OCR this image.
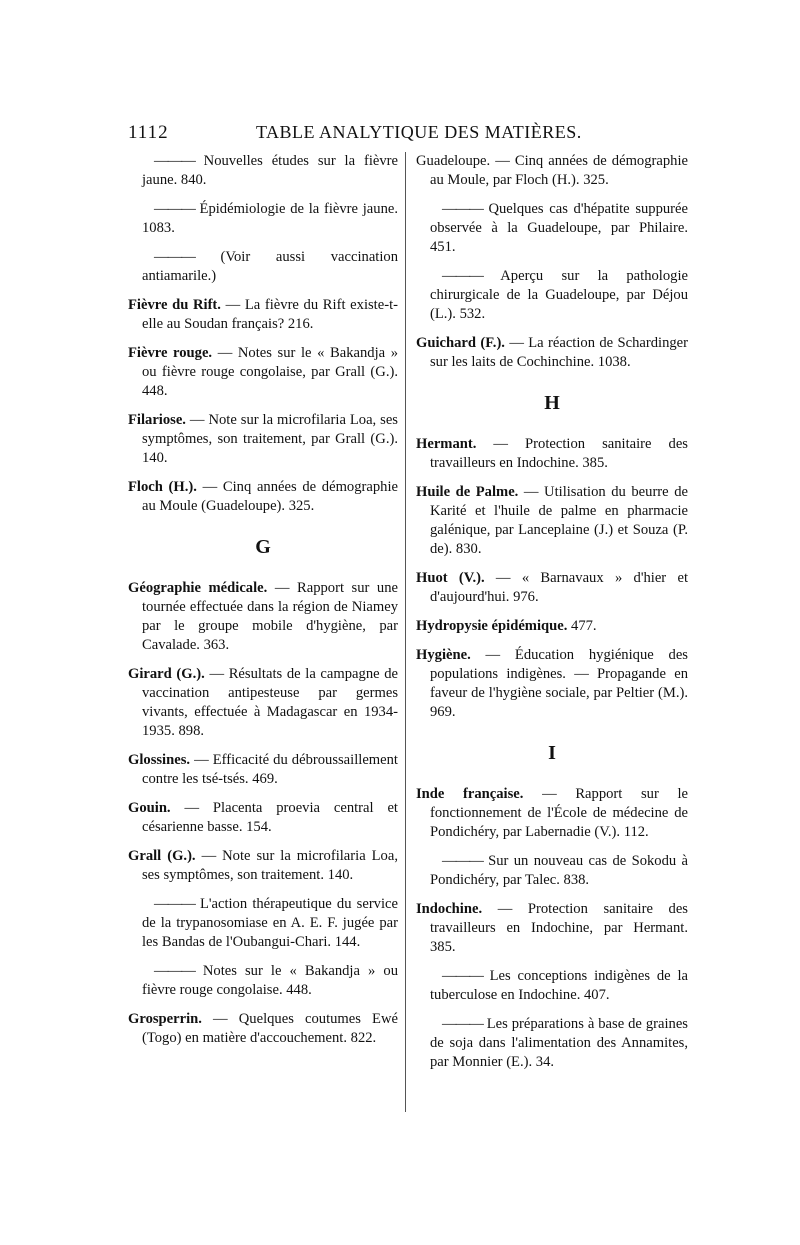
1112	TABLE ANALYTIQUE DES MATIÈRES.
——— Nouvelles études sur la fièvre jaune. 840.
——— Épidémiologie de la fièvre jaune. 1083.
——— (Voir aussi vaccination antiamarile.)
Fièvre du Rift. — La fièvre du Rift existe-t-elle au Soudan français? 216.
Fièvre rouge. — Notes sur le « Bakandja » ou fièvre rouge congolaise, par Grall (G.). 448.
Filariose. — Note sur la microfilaria Loa, ses symptômes, son traitement, par Grall (G.). 140.
Floch (H.). — Cinq années de démographie au Moule (Guadeloupe). 325.
G
Géographie médicale. — Rapport sur une tournée effectuée dans la région de Niamey par le groupe mobile d'hygiène, par Cavalade. 363.
Girard (G.). — Résultats de la campagne de vaccination antipesteuse par germes vivants, effectuée à Madagascar en 1934-1935. 898.
Glossines. — Efficacité du débroussaillement contre les tsé-tsés. 469.
Gouin. — Placenta proevia central et césarienne basse. 154.
Grall (G.). — Note sur la microfilaria Loa, ses symptômes, son traitement. 140.
——— L'action thérapeutique du service de la trypanosomiase en A. E. F. jugée par les Bandas de l'Oubangui-Chari. 144.
——— Notes sur le « Bakandja » ou fièvre rouge congolaise. 448.
Grosperrin. — Quelques coutumes Ewé (Togo) en matière d'accouchement. 822.
Guadeloupe. — Cinq années de démographie au Moule, par Floch (H.). 325.
——— Quelques cas d'hépatite suppurée observée à la Guadeloupe, par Philaire. 451.
——— Aperçu sur la pathologie chirurgicale de la Guadeloupe, par Déjou (L.). 532.
Guichard (F.). — La réaction de Schardinger sur les laits de Cochinchine. 1038.
H
Hermant. — Protection sanitaire des travailleurs en Indochine. 385.
Huile de Palme. — Utilisation du beurre de Karité et l'huile de palme en pharmacie galénique, par Lanceplaine (J.) et Souza (P. de). 830.
Huot (V.). — « Barnavaux » d'hier et d'aujourd'hui. 976.
Hydropysie épidémique. 477.
Hygiène. — Éducation hygiénique des populations indigènes. — Propagande en faveur de l'hygiène sociale, par Peltier (M.). 969.
I
Inde française. — Rapport sur le fonctionnement de l'École de médecine de Pondichéry, par Labernadie (V.). 112.
——— Sur un nouveau cas de Sokodu à Pondichéry, par Talec. 838.
Indochine. — Protection sanitaire des travailleurs en Indochine, par Hermant. 385.
——— Les conceptions indigènes de la tuberculose en Indochine. 407.
——— Les préparations à base de graines de soja dans l'alimentation des Annamites, par Monnier (E.). 34.
